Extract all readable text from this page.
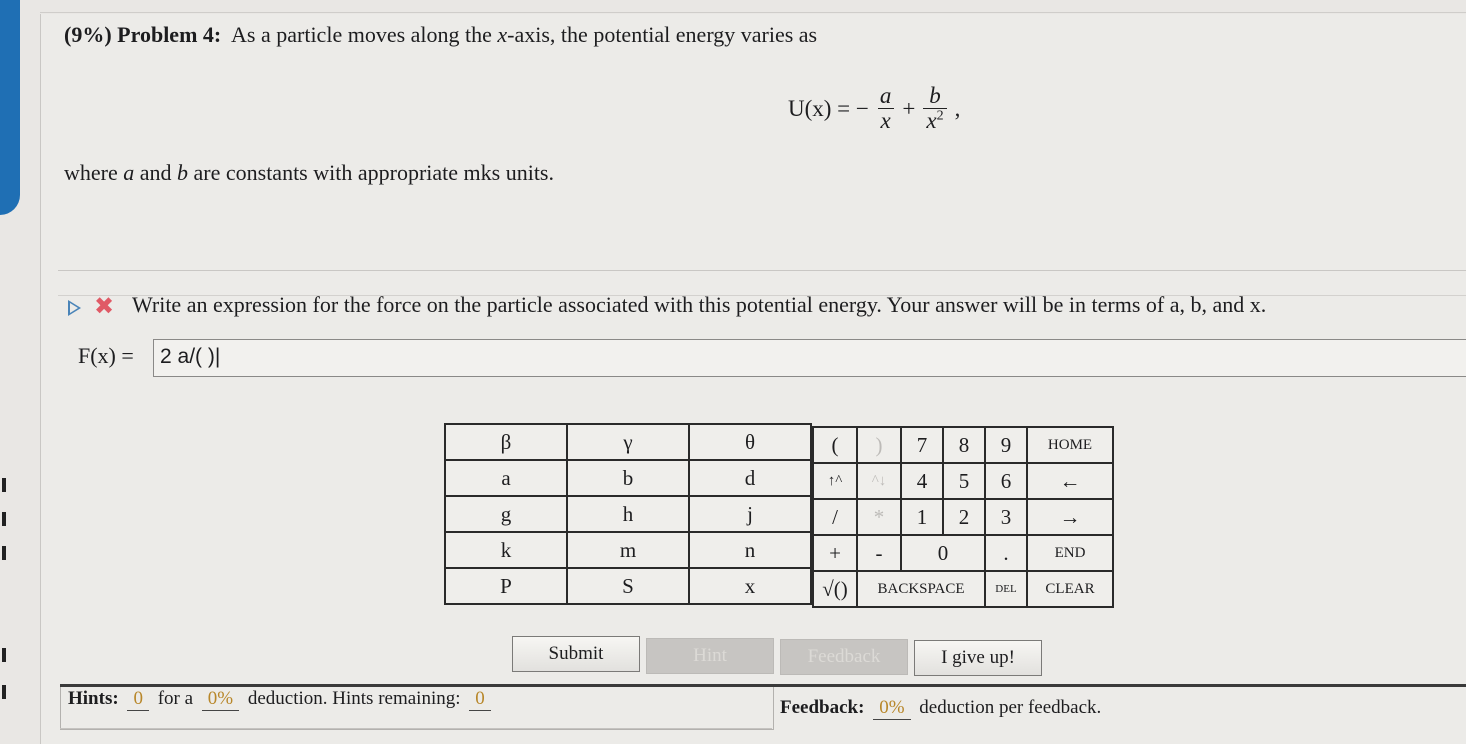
(9%) Problem 4: As a particle moves along the x-axis, the potential energy varies as
U(x) = − $\frac{a}{x} + \frac{b}{x^2}$ ,
where a and b are constants with appropriate mks units.
✖ Write an expression for the force on the particle associated with this potential energy. Your answer will be in terms of a, b, and x.
F(x) = 2 a/( )|
β	γ	θ
a	b	d
g	h	j
k	m	n
P	S	x
(	)	7	8	9	HOME
↑^	^↓	4	5	6	←
/	*	1	2	3	→
+	-	0		.	END
√()	BACKSPACE			DEL	CLEAR
Submit	Hint	Feedback	I give up!
Hints: 0 for a 0% deduction. Hints remaining: 0	Feedback: 0% deduction per feedback.
